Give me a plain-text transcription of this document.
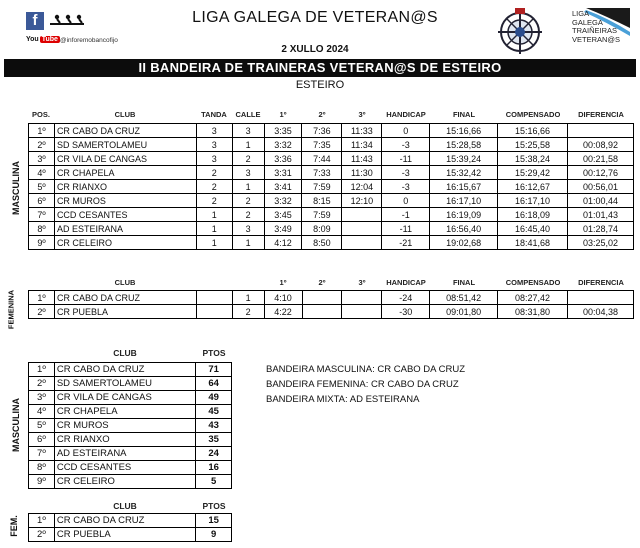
f
You Tube @inforemobancofijo
LIGA GALEGA DE VETERAN@S
2 XULLO 2024
LIGA
GALEGA
TRAIÑEIRAS
VETERAN@S
II BANDEIRA DE TRAINERAS VETERAN@S DE ESTEIRO
ESTEIRO
POS.	CLUB	TANDA	CALLE	1º	2º	3º	HANDICAP	FINAL	COMPENSADO	DIFERENCIA
MASCULINA
1º	CR CABO DA CRUZ	3	3	3:35	7:36	11:33	0	15:16,66	15:16,66	
2º	SD SAMERTOLAMEU	3	1	3:32	7:35	11:34	-3	15:28,58	15:25,58	00:08,92
3º	CR VILA DE CANGAS	3	2	3:36	7:44	11:43	-11	15:39,24	15:38,24	00:21,58
4º	CR CHAPELA	2	3	3:31	7:33	11:30	-3	15:32,42	15:29,42	00:12,76
5º	CR RIANXO	2	1	3:41	7:59	12:04	-3	16:15,67	16:12,67	00:56,01
6º	CR MUROS	2	2	3:32	8:15	12:10	0	16:17,10	16:17,10	01:00,44
7º	CCD CESANTES	1	2	3:45	7:59		-1	16:19,09	16:18,09	01:01,43
8º	AD ESTEIRANA	1	3	3:49	8:09		-11	16:56,40	16:45,40	01:28,74
9º	CR CELEIRO	1	1	4:12	8:50		-21	19:02,68	18:41,68	03:25,02
CLUB	1º	2º	3º	HANDICAP	FINAL	COMPENSADO	DIFERENCIA
FEMENINA 1º	CR CABO DA CRUZ		1	4:10			-24	08:51,42	08:27,42	
2º	CR PUEBLA		2	4:22			-30	09:01,80	08:31,80	00:04,38
CLUB	PTOS
MASCULINA
1º	CR CABO DA CRUZ	71
2º	SD SAMERTOLAMEU	64
3º	CR VILA DE CANGAS	49
4º	CR CHAPELA	45
5º	CR MUROS	43
6º	CR RIANXO	35
7º	AD ESTEIRANA	24
8º	CCD CESANTES	16
9º	CR CELEIRO	5
CLUB	PTOS
FEM. 1º	CR CABO DA CRUZ	15
2º	CR PUEBLA	9
BANDEIRA MASCULINA: CR CABO DA CRUZ
BANDEIRA FEMENINA: CR CABO DA CRUZ
BANDEIRA MIXTA: AD ESTEIRANA
